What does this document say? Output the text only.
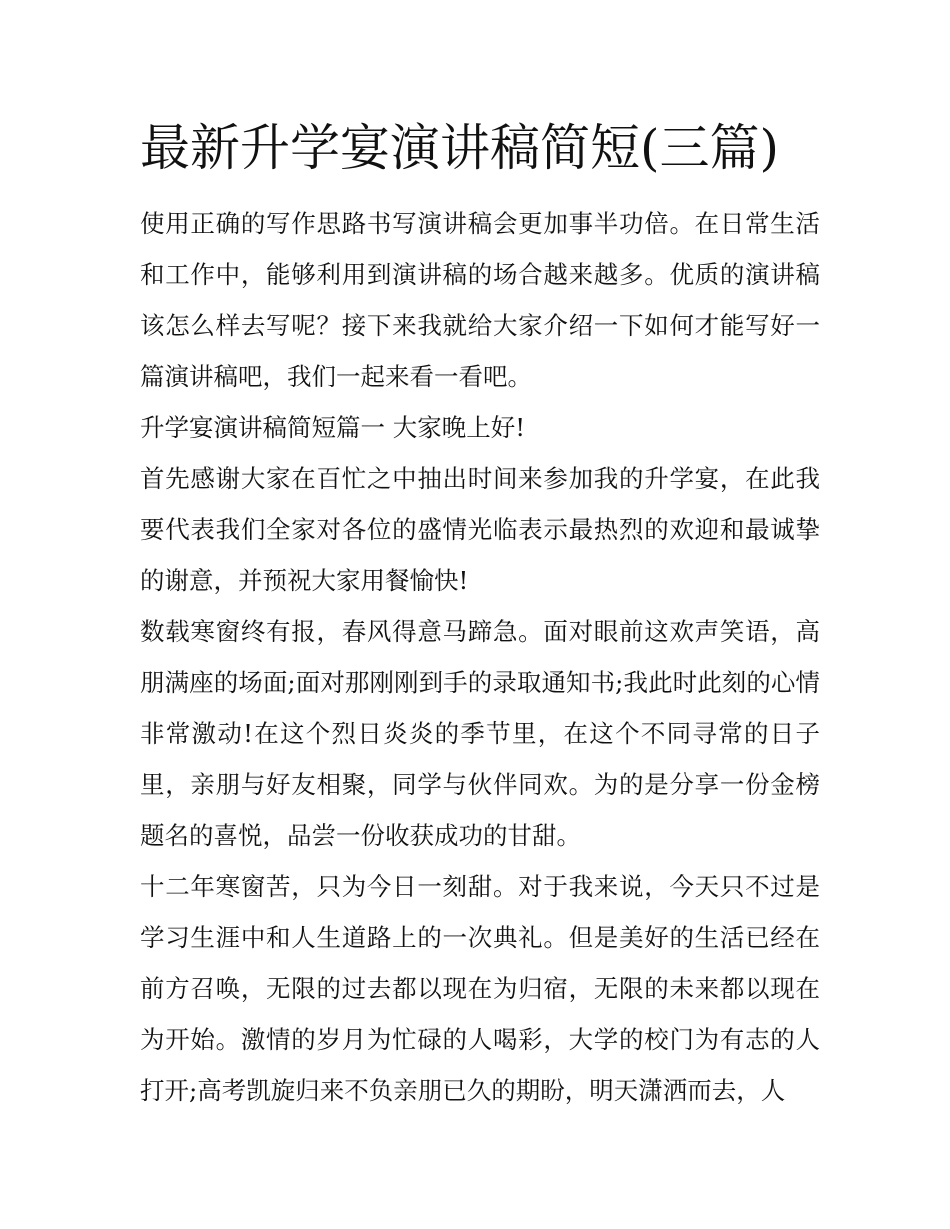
最新升学宴演讲稿简短(三篇)

使用正确的写作思路书写演讲稿会更加事半功倍。在日常生活和工作中，能够利用到演讲稿的场合越来越多。优质的演讲稿该怎么样去写呢？接下来我就给大家介绍一下如何才能写好一篇演讲稿吧，我们一起来看一看吧。

升学宴演讲稿简短篇一 大家晚上好!

首先感谢大家在百忙之中抽出时间来参加我的升学宴，在此我要代表我们全家对各位的盛情光临表示最热烈的欢迎和最诚挚的谢意，并预祝大家用餐愉快!

数载寒窗终有报，春风得意马蹄急。面对眼前这欢声笑语，高朋满座的场面;面对那刚刚到手的录取通知书;我此时此刻的心情非常激动!在这个烈日炎炎的季节里，在这个不同寻常的日子里，亲朋与好友相聚，同学与伙伴同欢。为的是分享一份金榜题名的喜悦，品尝一份收获成功的甘甜。

十二年寒窗苦，只为今日一刻甜。对于我来说，今天只不过是学习生涯中和人生道路上的一次典礼。但是美好的生活已经在前方召唤，无限的过去都以现在为归宿，无限的未来都以现在为开始。激情的岁月为忙碌的人喝彩，大学的校门为有志的人打开;高考凯旋归来不负亲朋已久的期盼，明天潇洒而去，人
